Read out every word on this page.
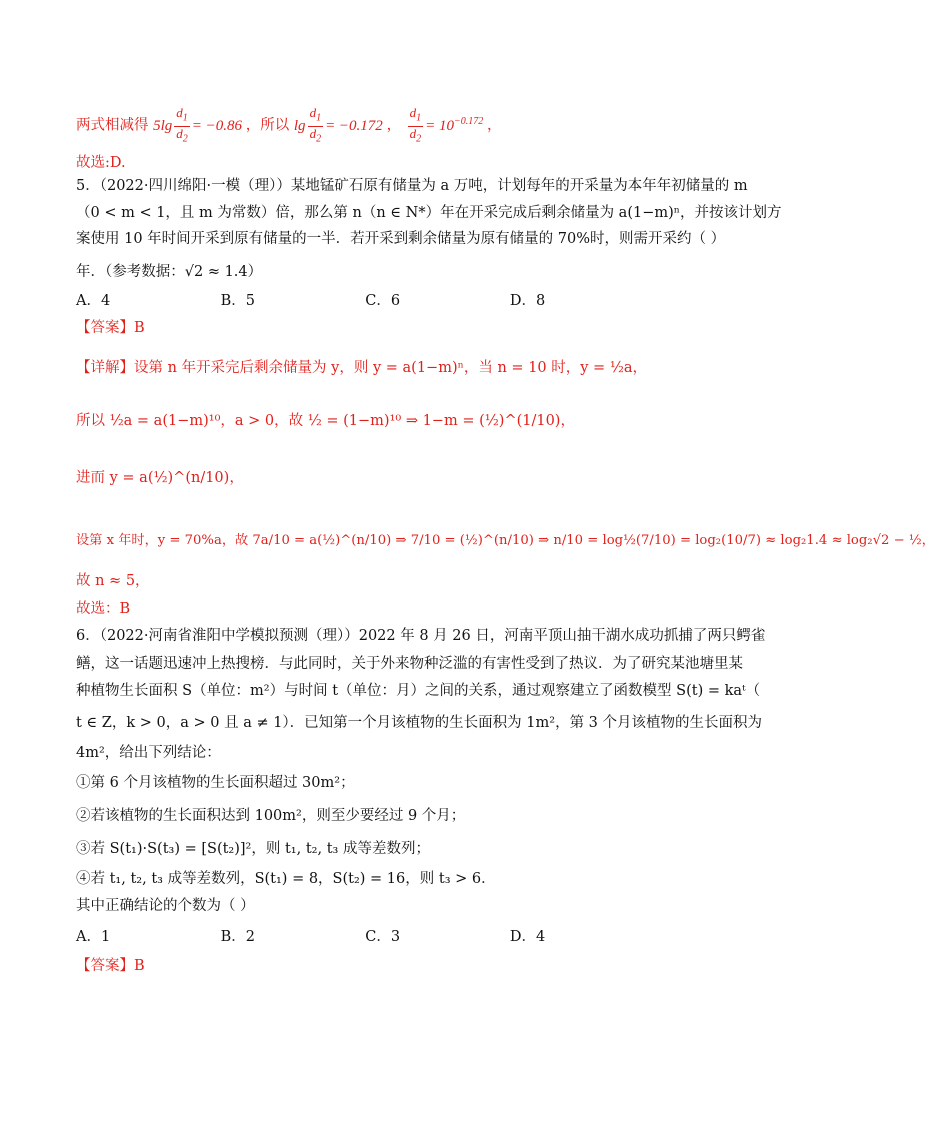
两式相减得 $5\lg \frac{d_1}{d_2} = -0.86$ ，所以 $\lg \frac{d_1}{d_2} = -0.172$ ， $\frac{d_1}{d_2} = 10^{-0.172}$ ，
故选:D.
5．（2022·四川绵阳·一模（理））某地锰矿石原有储量为 a 万吨，计划每年的开采量为本年年初储量的 m
（0 < m < 1，且 m 为常数）倍，那么第 n（n ∈ N*）年在开采完成后剩余储量为 a(1−m)ⁿ，并按该计划方
案使用 10 年时间开采到原有储量的一半．若开采到剩余储量为原有储量的 70%时，则需开采约（ ）
年．（参考数据：√2 ≈ 1.4）
A．4	B．5	C．6	D．8
【答案】B
【详解】设第 n 年开采完后剩余储量为 y，则 y = a(1−m)ⁿ，当 n = 10 时，y = ½a，
所以 ½a = a(1−m)¹⁰，a > 0，故 ½ = (1−m)¹⁰ ⇒ 1−m = (½)^(1/10)，
进而 y = a(½)^(n/10)，
设第 x 年时，y = 70%a，故 7a/10 = a(½)^(n/10) ⇒ 7/10 = (½)^(n/10) ⇒ n/10 = log½(7/10) = log₂(10/7) ≈ log₂1.4 ≈ log₂√2 − ½，
故 n ≈ 5，
故选：B
6．（2022·河南省淮阳中学模拟预测（理））2022 年 8 月 26 日，河南平顶山抽干湖水成功抓捕了两只鳄雀
鳝，这一话题迅速冲上热搜榜．与此同时，关于外来物种泛滥的有害性受到了热议．为了研究某池塘里某
种植物生长面积 S（单位：m²）与时间 t（单位：月）之间的关系，通过观察建立了函数模型 S(t) = kaᵗ（
t ∈ Z，k > 0，a > 0 且 a ≠ 1）．已知第一个月该植物的生长面积为 1m²，第 3 个月该植物的生长面积为
4m²，给出下列结论：
①第 6 个月该植物的生长面积超过 30m²；
②若该植物的生长面积达到 100m²，则至少要经过 9 个月；
③若 S(t₁)·S(t₃) = [S(t₂)]²，则 t₁, t₂, t₃ 成等差数列；
④若 t₁, t₂, t₃ 成等差数列，S(t₁) = 8，S(t₂) = 16，则 t₃ > 6．
其中正确结论的个数为（ ）
A．1	B．2	C．3	D．4
【答案】B
